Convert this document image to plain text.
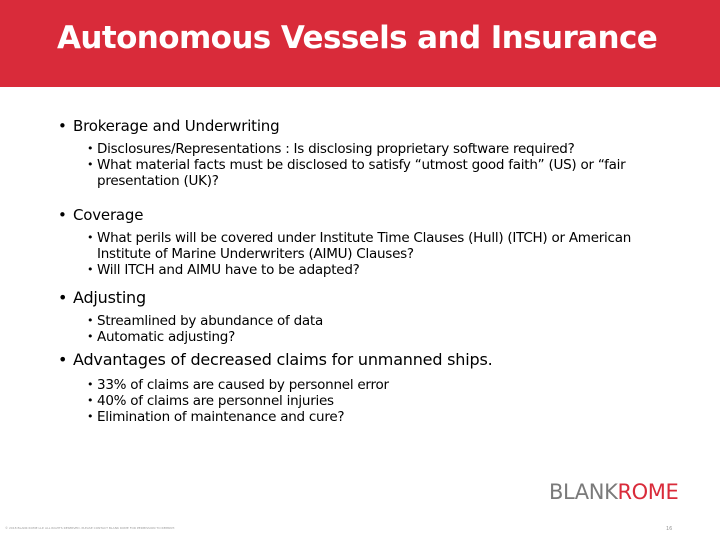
Autonomous Vessels and Insurance
• Brokerage and Underwriting
• Disclosures/Representations : Is disclosing proprietary software required?
• What material facts must be disclosed to satisfy “utmost good faith” (US) or “fair presentation (UK)?
• Coverage
• What perils will be covered under Institute Time Clauses (Hull) (ITCH) or American Institute of Marine Underwriters (AIMU) Clauses?
• Will ITCH and AIMU have to be adapted?
• Adjusting
• Streamlined by abundance of data
• Automatic adjusting?
• Advantages of decreased claims for unmanned ships.
• 33% of claims are caused by personnel error
• 40% of claims are personnel injuries
• Elimination of maintenance and cure?
BLANKROME
© 2018 BLANK ROME LLP. ALL RIGHTS RESERVED. PLEASE CONTACT BLANK ROME FOR PERMISSION TO REPRINT.	16
